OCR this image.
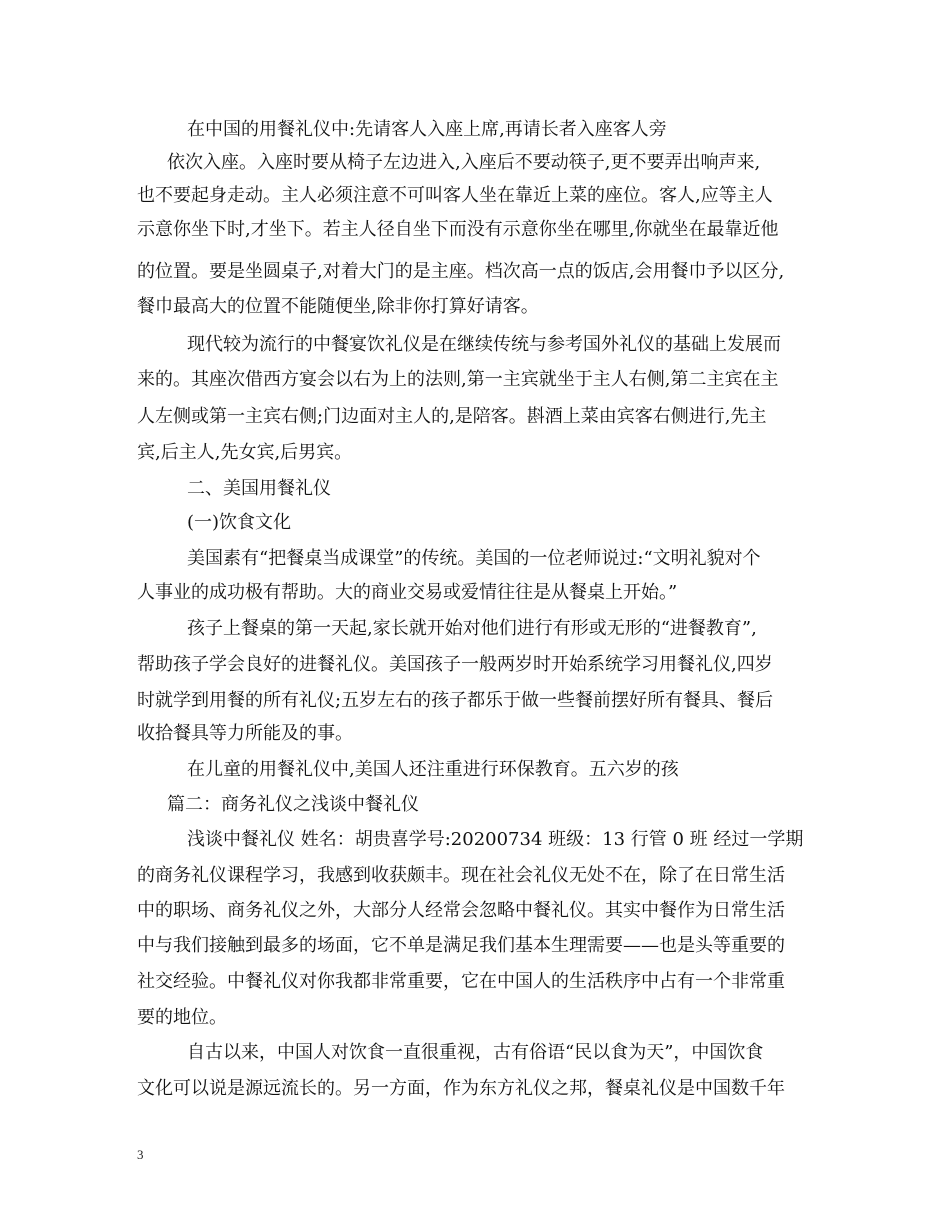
在中国的用餐礼仪中:先请客人入座上席,再请长者入座客人旁
依次入座。入座时要从椅子左边进入,入座后不要动筷子,更不要弄出响声来,
也不要起身走动。主人必须注意不可叫客人坐在靠近上菜的座位。客人,应等主人
示意你坐下时,才坐下。若主人径自坐下而没有示意你坐在哪里,你就坐在最靠近他
的位置。要是坐圆桌子,对着大门的是主座。档次高一点的饭店,会用餐巾予以区分,
餐巾最高大的位置不能随便坐,除非你打算好请客。
现代较为流行的中餐宴饮礼仪是在继续传统与参考国外礼仪的基础上发展而
来的。其座次借西方宴会以右为上的法则,第一主宾就坐于主人右侧,第二主宾在主
人左侧或第一主宾右侧;门边面对主人的,是陪客。斟酒上菜由宾客右侧进行,先主
宾,后主人,先女宾,后男宾。
二、美国用餐礼仪
(一)饮食文化
美国素有“把餐桌当成课堂”的传统。美国的一位老师说过:“文明礼貌对个
人事业的成功极有帮助。大的商业交易或爱情往往是从餐桌上开始。”
孩子上餐桌的第一天起,家长就开始对他们进行有形或无形的“进餐教育”,
帮助孩子学会良好的进餐礼仪。美国孩子一般两岁时开始系统学习用餐礼仪,四岁
时就学到用餐的所有礼仪;五岁左右的孩子都乐于做一些餐前摆好所有餐具、餐后
收拾餐具等力所能及的事。
在儿童的用餐礼仪中,美国人还注重进行环保教育。五六岁的孩
篇二：商务礼仪之浅谈中餐礼仪
浅谈中餐礼仪 姓名：胡贵喜学号:20200734 班级：13 行管 0 班 经过一学期
的商务礼仪课程学习，我感到收获颇丰。现在社会礼仪无处不在，除了在日常生活
中的职场、商务礼仪之外，大部分人经常会忽略中餐礼仪。其实中餐作为日常生活
中与我们接触到最多的场面，它不单是满足我们基本生理需要——也是头等重要的
社交经验。中餐礼仪对你我都非常重要，它在中国人的生活秩序中占有一个非常重
要的地位。
自古以来，中国人对饮食一直很重视，古有俗语“民以食为天”，中国饮食
文化可以说是源远流长的。另一方面，作为东方礼仪之邦，餐桌礼仪是中国数千年
3
